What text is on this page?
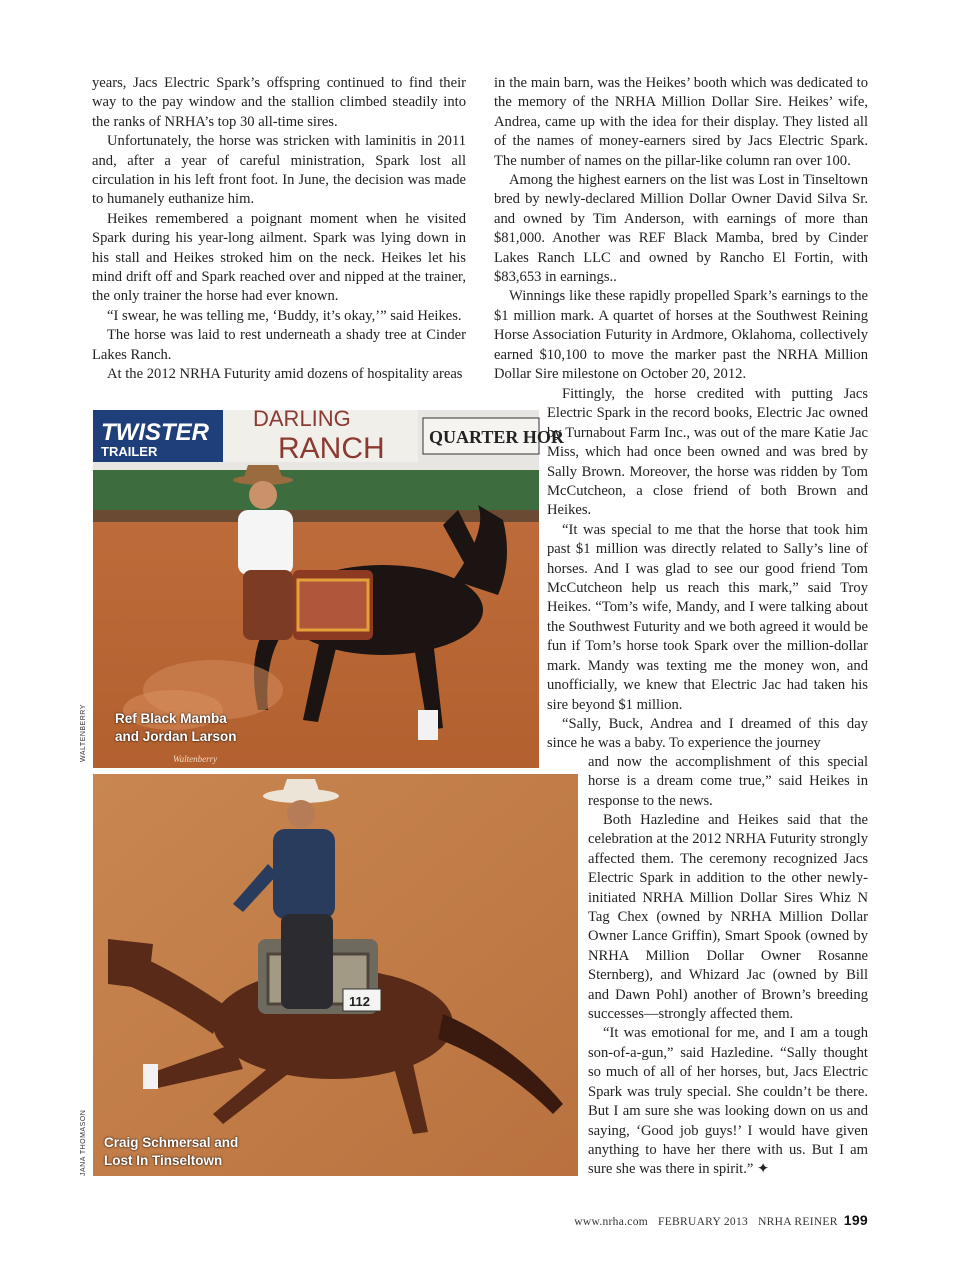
years, Jacs Electric Spark’s offspring continued to find their way to the pay window and the stallion climbed steadily into the ranks of NRHA’s top 30 all-time sires.

Unfortunately, the horse was stricken with laminitis in 2011 and, after a year of careful ministration, Spark lost all circulation in his left front foot. In June, the decision was made to humanely euthanize him.

Heikes remembered a poignant moment when he visited Spark during his year-long ailment. Spark was lying down in his stall and Heikes stroked him on the neck. Heikes let his mind drift off and Spark reached over and nipped at the trainer, the only trainer the horse had ever known.

“I swear, he was telling me, ‘Buddy, it’s okay,’” said Heikes.

The horse was laid to rest underneath a shady tree at Cinder Lakes Ranch.

At the 2012 NRHA Futurity amid dozens of hospitality areas

in the main barn, was the Heikes’ booth which was dedicated to the memory of the NRHA Million Dollar Sire. Heikes’ wife, Andrea, came up with the idea for their display. They listed all of the names of money-earners sired by Jacs Electric Spark. The number of names on the pillar-like column ran over 100.

Among the highest earners on the list was Lost in Tinseltown bred by newly-declared Million Dollar Owner David Silva Sr. and owned by Tim Anderson, with earnings of more than $81,000. Another was REF Black Mamba, bred by Cinder Lakes Ranch LLC and owned by Rancho El Fortin, with $83,653 in earnings..

Winnings like these rapidly propelled Spark’s earnings to the $1 million mark. A quartet of horses at the Southwest Reining Horse Association Futurity in Ardmore, Oklahoma, collectively earned $10,100 to move the marker past the NRHA Million Dollar Sire milestone on October 20, 2012.

Fittingly, the horse credited with putting Jacs Electric Spark in the record books, Electric Jac owned by Turnabout Farm Inc., was out of the mare Katie Jac Miss, which had once been owned and was bred by Sally Brown. Moreover, the horse was ridden by Tom McCutcheon, a close friend of both Brown and Heikes.

“It was special to me that the horse that took him past $1 million was directly related to Sally’s line of horses. And I was glad to see our good friend Tom McCutcheon help us reach this mark,” said Troy Heikes. “Tom’s wife, Mandy, and I were talking about the Southwest Futurity and we both agreed it would be fun if Tom’s horse took Spark over the million-dollar mark. Mandy was texting me the money won, and unofficially, we knew that Electric Jac had taken his sire beyond $1 million.

“Sally, Buck, Andrea and I dreamed of this day since he was a baby. To experience the journey

and now the accomplishment of this special horse is a dream come true,” said Heikes in response to the news.

Both Hazledine and Heikes said that the celebration at the 2012 NRHA Futurity strongly affected them. The ceremony recognized Jacs Electric Spark in addition to the other newly-initiated NRHA Million Dollar Sires Whiz N Tag Chex (owned by NRHA Million Dollar Owner Lance Griffin), Smart Spook (owned by NRHA Million Dollar Owner Rosanne Sternberg), and Whizard Jac (owned by Bill and Dawn Pohl) another of Brown’s breeding successes—strongly affected them.

“It was emotional for me, and I am a tough son-of-a-gun,” said Hazledine. “Sally thought so much of all of her horses, but, Jacs Electric Spark was truly special. She couldn’t be there. But I am sure she was looking down on us and saying, ‘Good job guys!’ I would have given anything to have her there with us. But I am sure she was there in spirit.” ✦

TWISTER
TRAILER
DARLING
RANCH QUARTER HOR
Waltenberry
Ref Black Mamba
and Jordan Larson
WALTENBERRY
112
Craig Schmersal and
Lost In Tinseltown
JANA THOMASON
www.nrha.com FEBRUARY 2013 NRHA REINER 199
